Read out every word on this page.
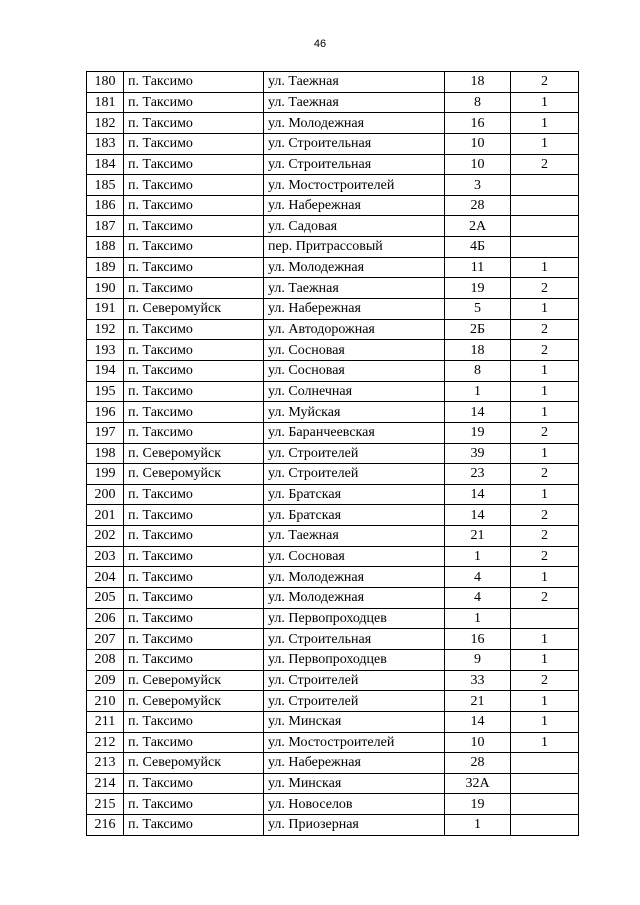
46
180	п. Таксимо	ул. Таежная	18	2
181	п. Таксимо	ул. Таежная	8	1
182	п. Таксимо	ул. Молодежная	16	1
183	п. Таксимо	ул. Строительная	10	1
184	п. Таксимо	ул. Строительная	10	2
185	п. Таксимо	ул. Мостостроителей	3	
186	п. Таксимо	ул. Набережная	28	
187	п. Таксимо	ул. Садовая	2А	
188	п. Таксимо	пер. Притрассовый	4Б	
189	п. Таксимо	ул. Молодежная	11	1
190	п. Таксимо	ул. Таежная	19	2
191	п. Северомуйск	ул. Набережная	5	1
192	п. Таксимо	ул. Автодорожная	2Б	2
193	п. Таксимо	ул. Сосновая	18	2
194	п. Таксимо	ул. Сосновая	8	1
195	п. Таксимо	ул. Солнечная	1	1
196	п. Таксимо	ул. Муйская	14	1
197	п. Таксимо	ул. Баранчеевская	19	2
198	п. Северомуйск	ул. Строителей	39	1
199	п. Северомуйск	ул. Строителей	23	2
200	п. Таксимо	ул. Братская	14	1
201	п. Таксимо	ул. Братская	14	2
202	п. Таксимо	ул. Таежная	21	2
203	п. Таксимо	ул. Сосновая	1	2
204	п. Таксимо	ул. Молодежная	4	1
205	п. Таксимо	ул. Молодежная	4	2
206	п. Таксимо	ул. Первопроходцев	1	
207	п. Таксимо	ул. Строительная	16	1
208	п. Таксимо	ул. Первопроходцев	9	1
209	п. Северомуйск	ул. Строителей	33	2
210	п. Северомуйск	ул. Строителей	21	1
211	п. Таксимо	ул. Минская	14	1
212	п. Таксимо	ул. Мостостроителей	10	1
213	п. Северомуйск	ул. Набережная	28	
214	п. Таксимо	ул. Минская	32А	
215	п. Таксимо	ул. Новоселов	19	
216	п. Таксимо	ул. Приозерная	1	
